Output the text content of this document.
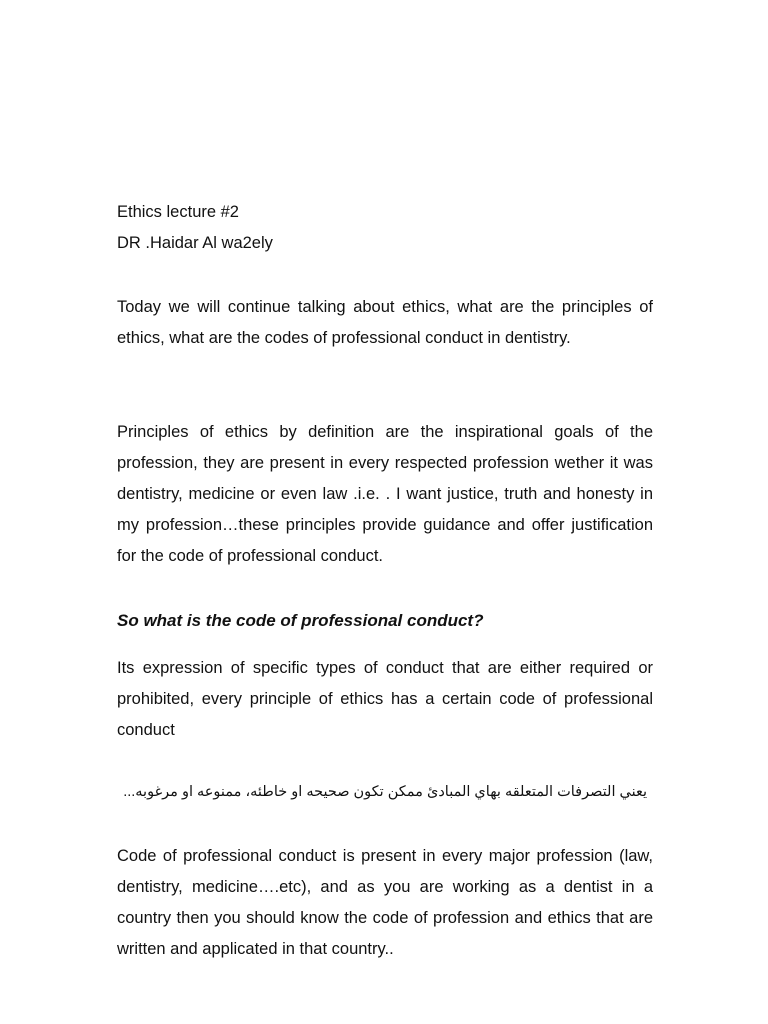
Ethics lecture #2

DR .Haidar Al wa2ely

Today we will continue talking about ethics, what are the principles of ethics, what are the codes of professional conduct in dentistry.

Principles of ethics by definition are the inspirational goals of the profession, they are present in every respected profession wether it was dentistry, medicine or even law .i.e. . I want justice, truth and honesty in my profession…these principles provide guidance and offer justification for the code of professional conduct.

So what is the code of professional conduct?

Its expression of specific types of conduct that are either required or prohibited, every principle of ethics has a certain code of professional conduct

يعني التصرفات المتعلقه بهاي المبادئ ممكن تكون صحيحه او خاطئه، ممنوعه او مرغوبه...

Code of professional conduct is present in every major profession (law, dentistry, medicine….etc), and as you are working as a dentist in a country then you should know the code of profession and ethics that are written and applicated in that country..
